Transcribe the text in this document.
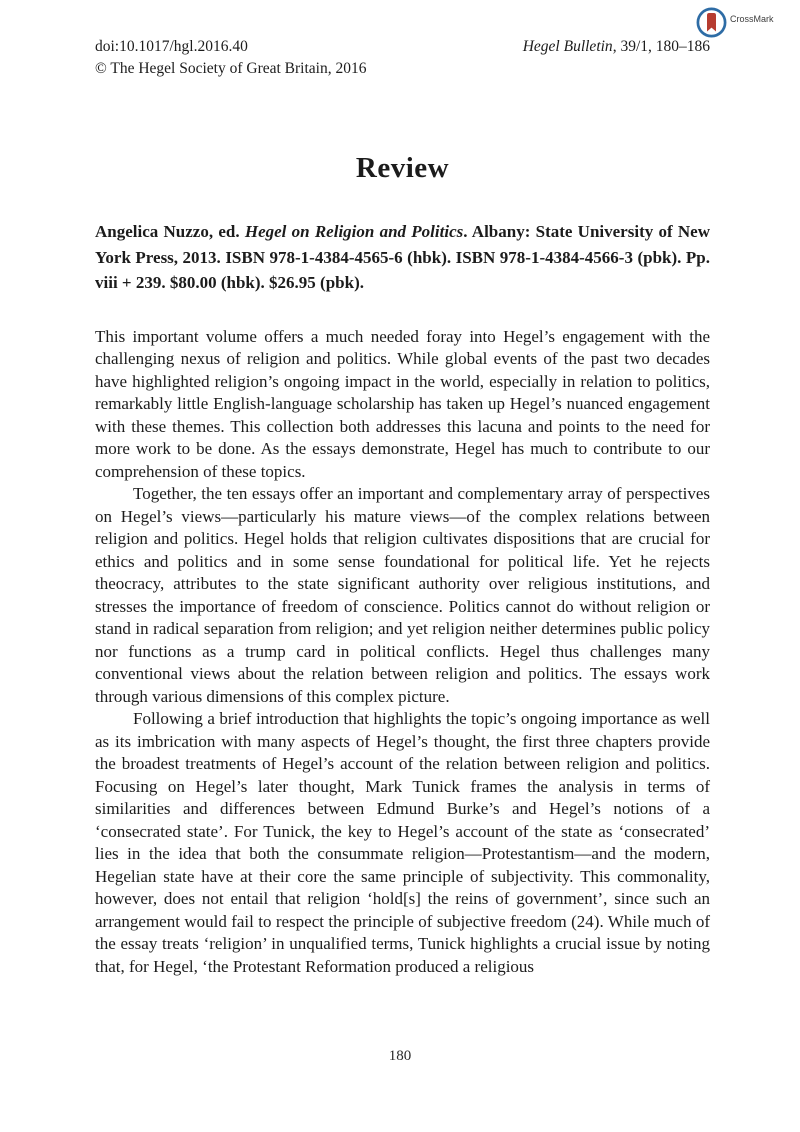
doi:10.1017/hgl.2016.40
© The Hegel Society of Great Britain, 2016
Hegel Bulletin, 39/1, 180–186
CrossMark
Review

Angelica Nuzzo, ed. Hegel on Religion and Politics. Albany: State University of New York Press, 2013. ISBN 978-1-4384-4565-6 (hbk). ISBN 978-1-4384-4566-3 (pbk). Pp. viii + 239. $80.00 (hbk). $26.95 (pbk).

This important volume offers a much needed foray into Hegel’s engagement with the challenging nexus of religion and politics. While global events of the past two decades have highlighted religion’s ongoing impact in the world, especially in relation to politics, remarkably little English-language scholarship has taken up Hegel’s nuanced engagement with these themes. This collection both addresses this lacuna and points to the need for more work to be done. As the essays demonstrate, Hegel has much to contribute to our comprehension of these topics.

Together, the ten essays offer an important and complementary array of perspectives on Hegel’s views—particularly his mature views—of the complex relations between religion and politics. Hegel holds that religion cultivates dispositions that are crucial for ethics and politics and in some sense foundational for political life. Yet he rejects theocracy, attributes to the state significant authority over religious institutions, and stresses the importance of freedom of conscience. Politics cannot do without religion or stand in radical separation from religion; and yet religion neither determines public policy nor functions as a trump card in political conflicts. Hegel thus challenges many conventional views about the relation between religion and politics. The essays work through various dimensions of this complex picture.

Following a brief introduction that highlights the topic’s ongoing importance as well as its imbrication with many aspects of Hegel’s thought, the first three chapters provide the broadest treatments of Hegel’s account of the relation between religion and politics. Focusing on Hegel’s later thought, Mark Tunick frames the analysis in terms of similarities and differences between Edmund Burke’s and Hegel’s notions of a ‘consecrated state’. For Tunick, the key to Hegel’s account of the state as ‘consecrated’ lies in the idea that both the consummate religion—Protestantism—and the modern, Hegelian state have at their core the same principle of subjectivity. This commonality, however, does not entail that religion ‘hold[s] the reins of government’, since such an arrangement would fail to respect the principle of subjective freedom (24). While much of the essay treats ‘religion’ in unqualified terms, Tunick highlights a crucial issue by noting that, for Hegel, ‘the Protestant Reformation produced a religious

180
